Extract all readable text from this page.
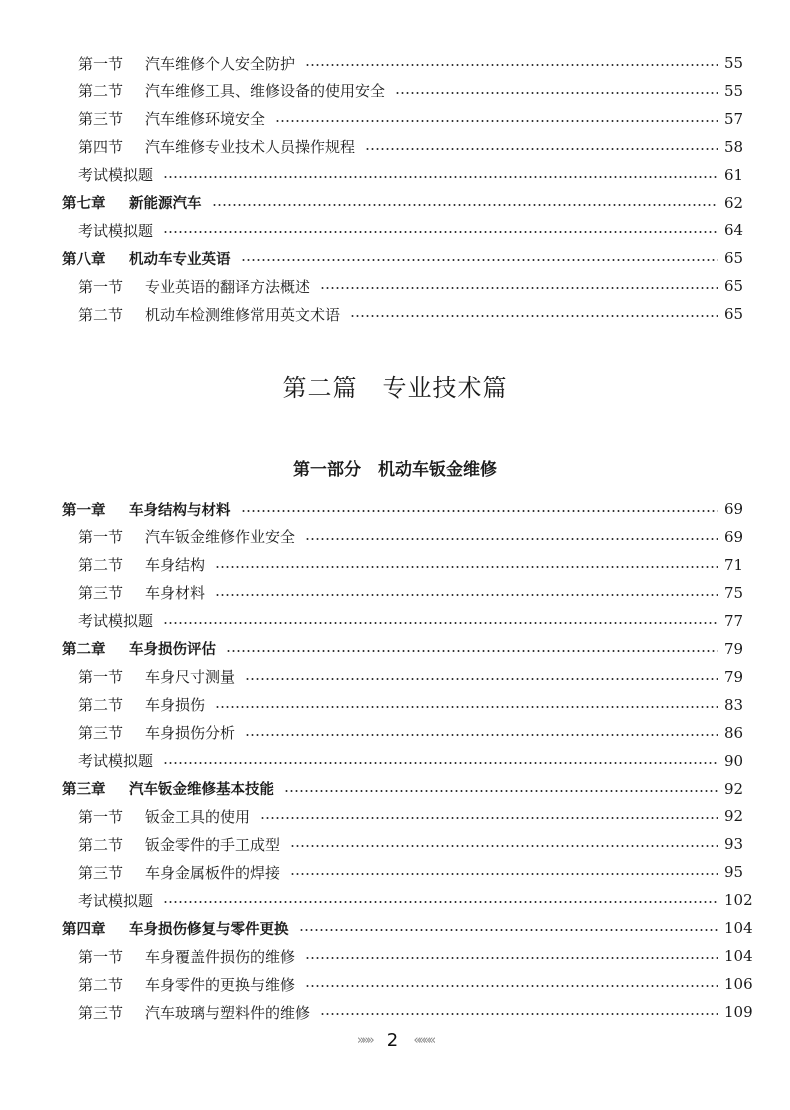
第一节 汽车维修个人安全防护	55
第二节 汽车维修工具、维修设备的使用安全	55
第三节 汽车维修环境安全	57
第四节 汽车维修专业技术人员操作规程	58
考试模拟题	61
第七章 新能源汽车	62
考试模拟题	64
第八章 机动车专业英语	65
第一节 专业英语的翻译方法概述	65
第二节 机动车检测维修常用英文术语	65
第二篇　专业技术篇
第一部分　机动车钣金维修
第一章 车身结构与材料	69
第一节 汽车钣金维修作业安全	69
第二节 车身结构	71
第三节 车身材料	75
考试模拟题	77
第二章 车身损伤评估	79
第一节 车身尺寸测量	79
第二节 车身损伤	83
第三节 车身损伤分析	86
考试模拟题	90
第三章 汽车钣金维修基本技能	92
第一节 钣金工具的使用	92
第二节 钣金零件的手工成型	93
第三节 车身金属板件的焊接	95
考试模拟题	102
第四章 车身损伤修复与零件更换	104
第一节 车身覆盖件损伤的维修	104
第二节 车身零件的更换与维修	106
第三节 汽车玻璃与塑料件的维修	109
»»» 2 ««««
